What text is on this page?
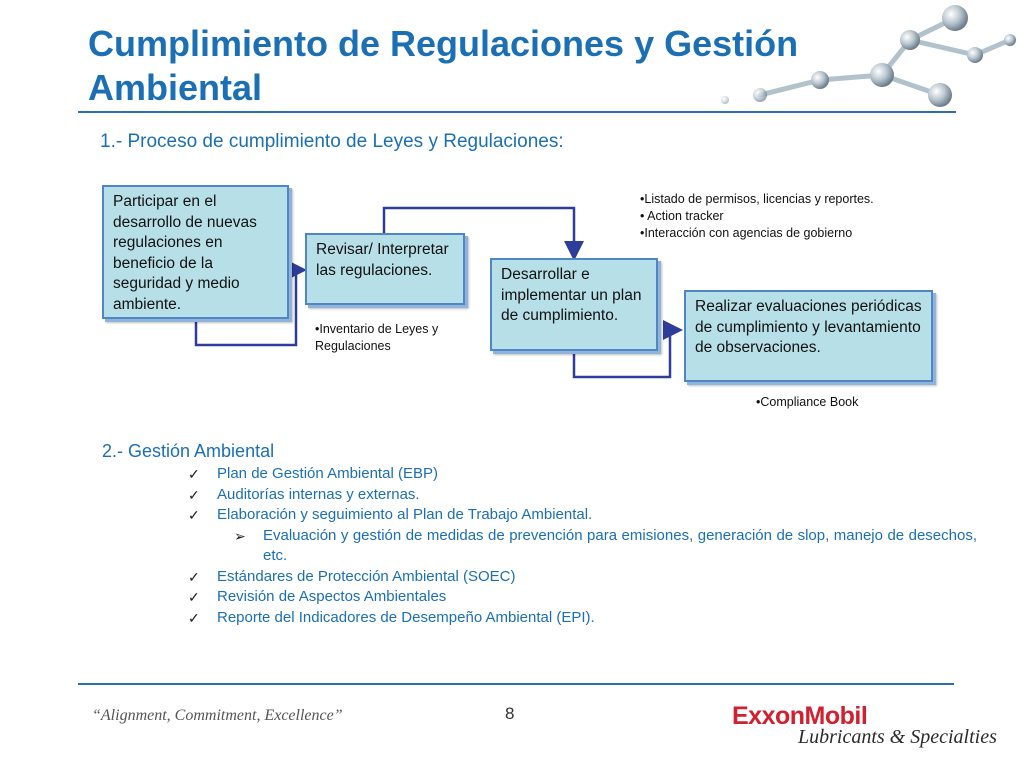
Cumplimiento de Regulaciones y Gestión
Ambiental

1.- Proceso de cumplimiento de Leyes y Regulaciones:

Participar en el desarrollo de nuevas regulaciones en beneficio de la seguridad y medio ambiente.
Revisar/ Interpretar las regulaciones.	Desarrollar e implementar un plan de cumplimiento.
Realizar evaluaciones periódicas de cumplimiento y levantamiento de observaciones.
•Listado de permisos, licencias y reportes.
• Action tracker
•Interacción con agencias de gobierno
•Inventario de Leyes y
Regulaciones
•Compliance Book

2.- Gestión Ambiental

✓ Plan de Gestión Ambiental (EBP)
✓ Auditorías internas y externas.
✓ Elaboración y seguimiento al Plan de Trabajo Ambiental.
➢ Evaluación y gestión de medidas de prevención para emisiones, generación de slop, manejo de desechos, etc.
✓ Estándares de Protección Ambiental (SOEC)
✓ Revisión de Aspectos Ambientales
✓ Reporte del Indicadores de Desempeño Ambiental (EPI).
“Alignment, Commitment, Excellence”	8	ExxonMobil
Lubricants & Specialties
